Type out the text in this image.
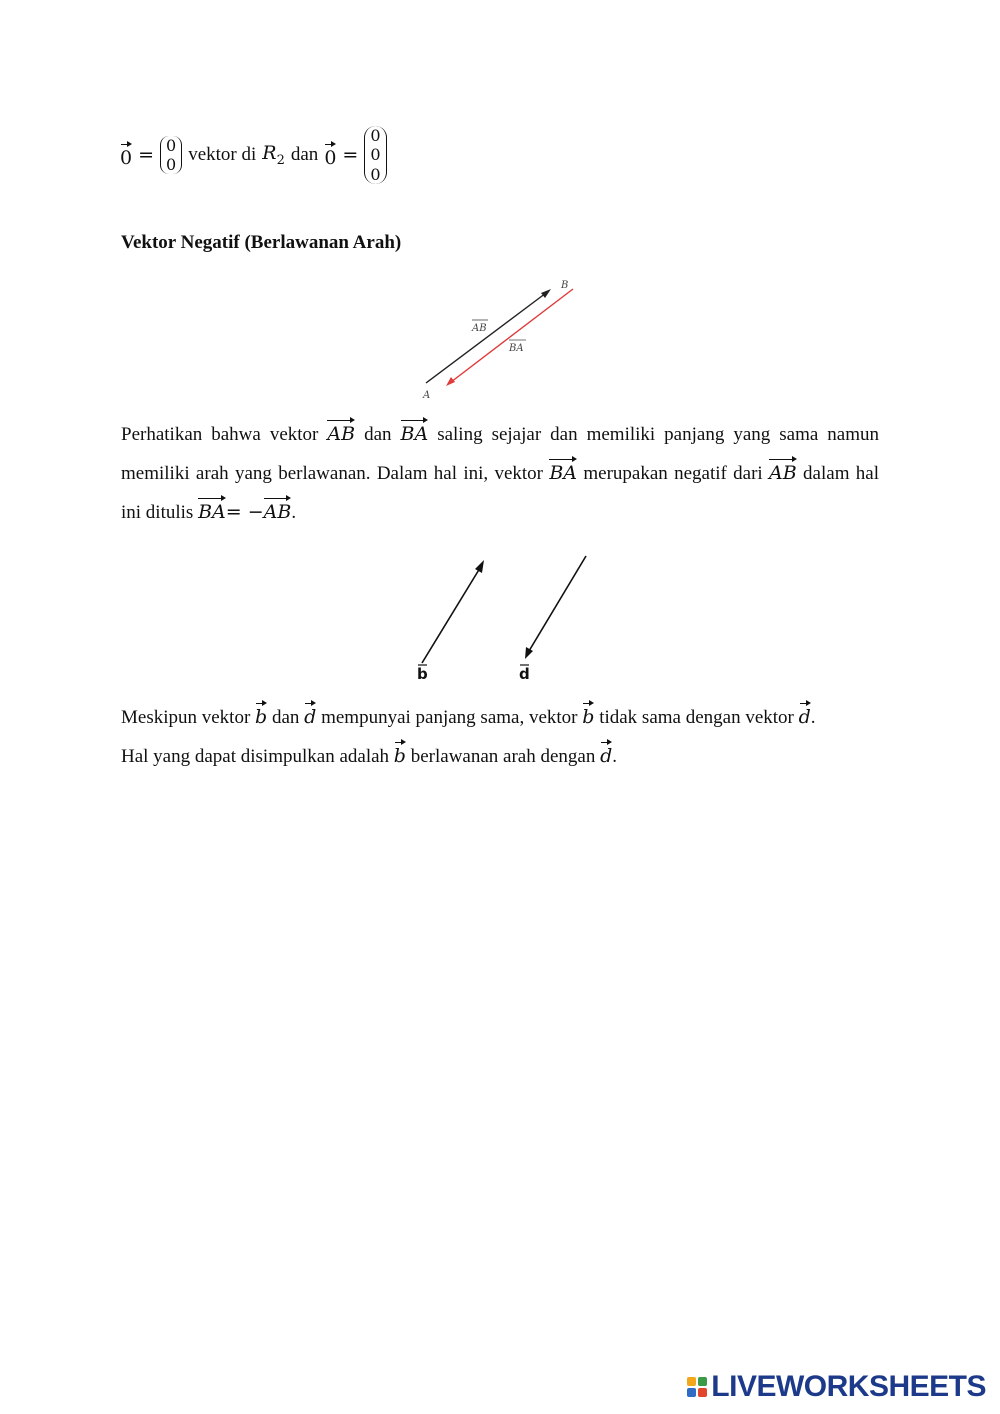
0 = 0
0 vektor di $R_2$ dan 0 =
0
0
0
Vektor Negatif (Berlawanan Arah)
A
B
AB
BA

Perhatikan bahwa vektor AB dan BA saling sejajar dan memiliki panjang yang sama namun memiliki arah yang berlawanan. Dalam hal ini, vektor BA merupakan negatif dari AB dalam hal ini ditulis BA= −AB.

b	d

Meskipun vektor b dan d mempunyai panjang sama, vektor b tidak sama dengan vektor d.

Hal yang dapat disimpulkan adalah b berlawanan arah dengan d.

LIVEWORKSHEETS
